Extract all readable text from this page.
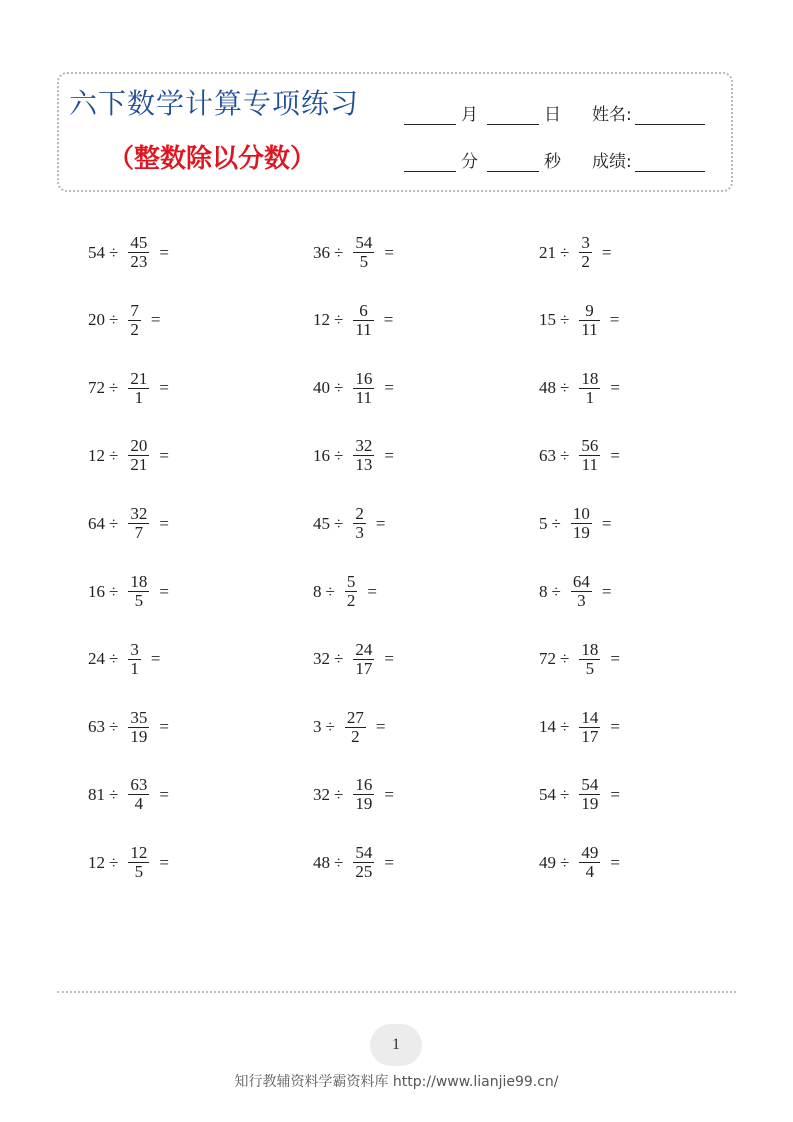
六下数学计算专项练习
（整数除以分数）
月	日 姓名:
分	秒 成绩:
$54 \div \frac{45}{23}$ =	$36 \div \frac{54}{5}$ =	$21 \div \frac{3}{2}$ =
$20 \div \frac{7}{2}$ =	$12 \div \frac{6}{11}$ =	$15 \div \frac{9}{11}$ =
$72 \div \frac{21}{1}$ =	$40 \div \frac{16}{11}$ =	$48 \div \frac{18}{1}$ =
$12 \div \frac{20}{21}$ =	$16 \div \frac{32}{13}$ =	$63 \div \frac{56}{11}$ =
$64 \div \frac{32}{7}$ =	$45 \div \frac{2}{3}$ =	$5 \div \frac{10}{19}$ =
$16 \div \frac{18}{5}$ =	$8 \div \frac{5}{2}$ =	$8 \div \frac{64}{3}$ =
$24 \div \frac{3}{1}$ =	$32 \div \frac{24}{17}$ =	$72 \div \frac{18}{5}$ =
$63 \div \frac{35}{19}$ =	$3 \div \frac{27}{2}$ =	$14 \div \frac{14}{17}$ =
$81 \div \frac{63}{4}$ =	$32 \div \frac{16}{19}$ =	$54 \div \frac{54}{19}$ =
$12 \div \frac{12}{5}$ =	$48 \div \frac{54}{25}$ =	$49 \div \frac{49}{4}$ =
1
知行教辅资料学霸资料库 http://www.lianjie99.cn/
